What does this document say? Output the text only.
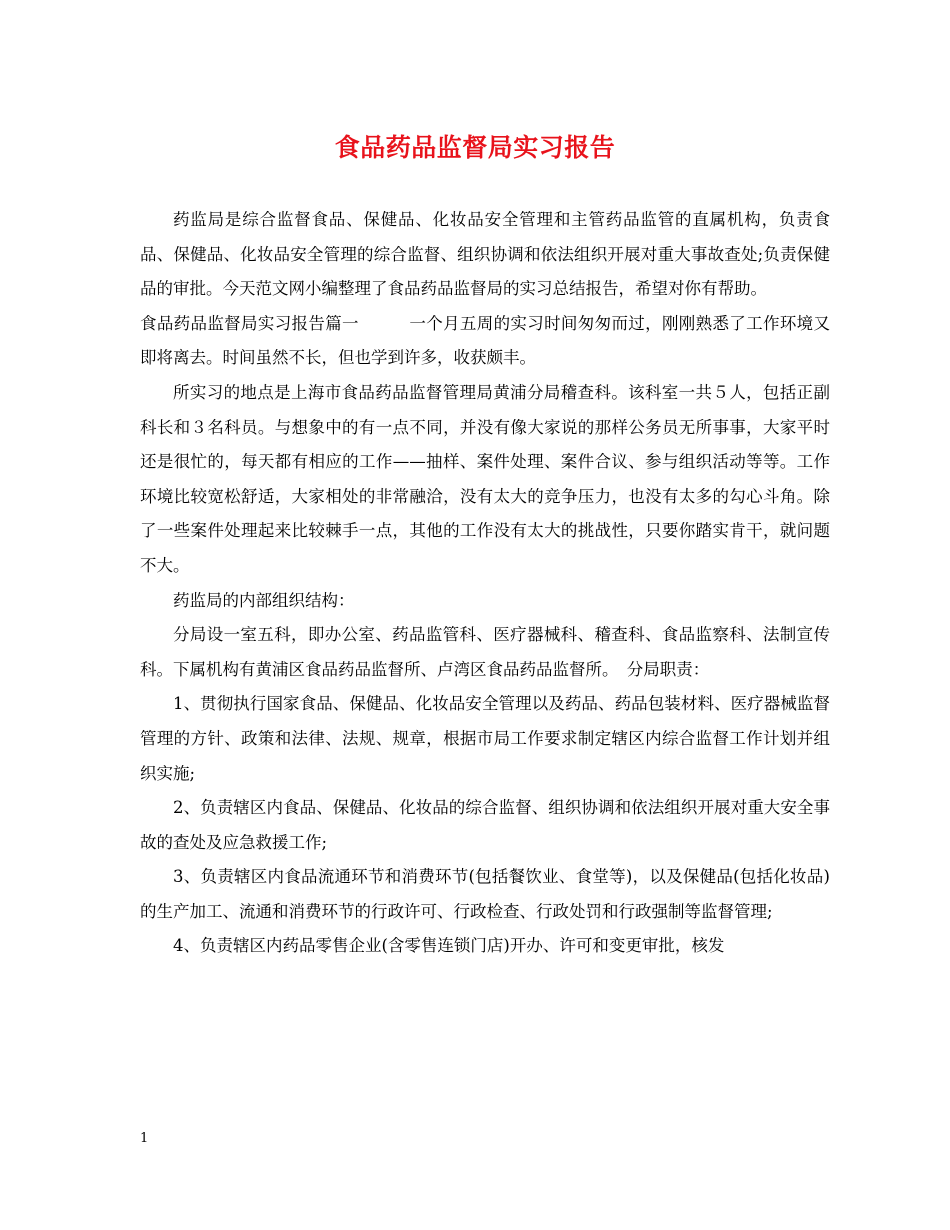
食品药品监督局实习报告

药监局是综合监督食品、保健品、化妆品安全管理和主管药品监管的直属机构，负责食品、保健品、化妆品安全管理的综合监督、组织协调和依法组织开展对重大事故查处;负责保健品的审批。今天范文网小编整理了食品药品监督局的实习总结报告，希望对你有帮助。

食品药品监督局实习报告篇一　　　一个月五周的实习时间匆匆而过，刚刚熟悉了工作环境又即将离去。时间虽然不长，但也学到许多，收获颇丰。

所实习的地点是上海市食品药品监督管理局黄浦分局稽查科。该科室一共５人，包括正副科长和３名科员。与想象中的有一点不同，并没有像大家说的那样公务员无所事事，大家平时还是很忙的，每天都有相应的工作——抽样、案件处理、案件合议、参与组织活动等等。工作环境比较宽松舒适，大家相处的非常融洽，没有太大的竞争压力，也没有太多的勾心斗角。除了一些案件处理起来比较棘手一点，其他的工作没有太大的挑战性，只要你踏实肯干，就问题不大。

药监局的内部组织结构：

分局设一室五科，即办公室、药品监管科、医疗器械科、稽查科、食品监察科、法制宣传科。下属机构有黄浦区食品药品监督所、卢湾区食品药品监督所。　分局职责：

1、贯彻执行国家食品、保健品、化妆品安全管理以及药品、药品包装材料、医疗器械监督管理的方针、政策和法律、法规、规章，根据市局工作要求制定辖区内综合监督工作计划并组织实施;

2、负责辖区内食品、保健品、化妆品的综合监督、组织协调和依法组织开展对重大安全事故的查处及应急救援工作;

3、负责辖区内食品流通环节和消费环节(包括餐饮业、食堂等)，以及保健品(包括化妆品)的生产加工、流通和消费环节的行政许可、行政检查、行政处罚和行政强制等监督管理;

4、负责辖区内药品零售企业(含零售连锁门店)开办、许可和变更审批，核发

1
